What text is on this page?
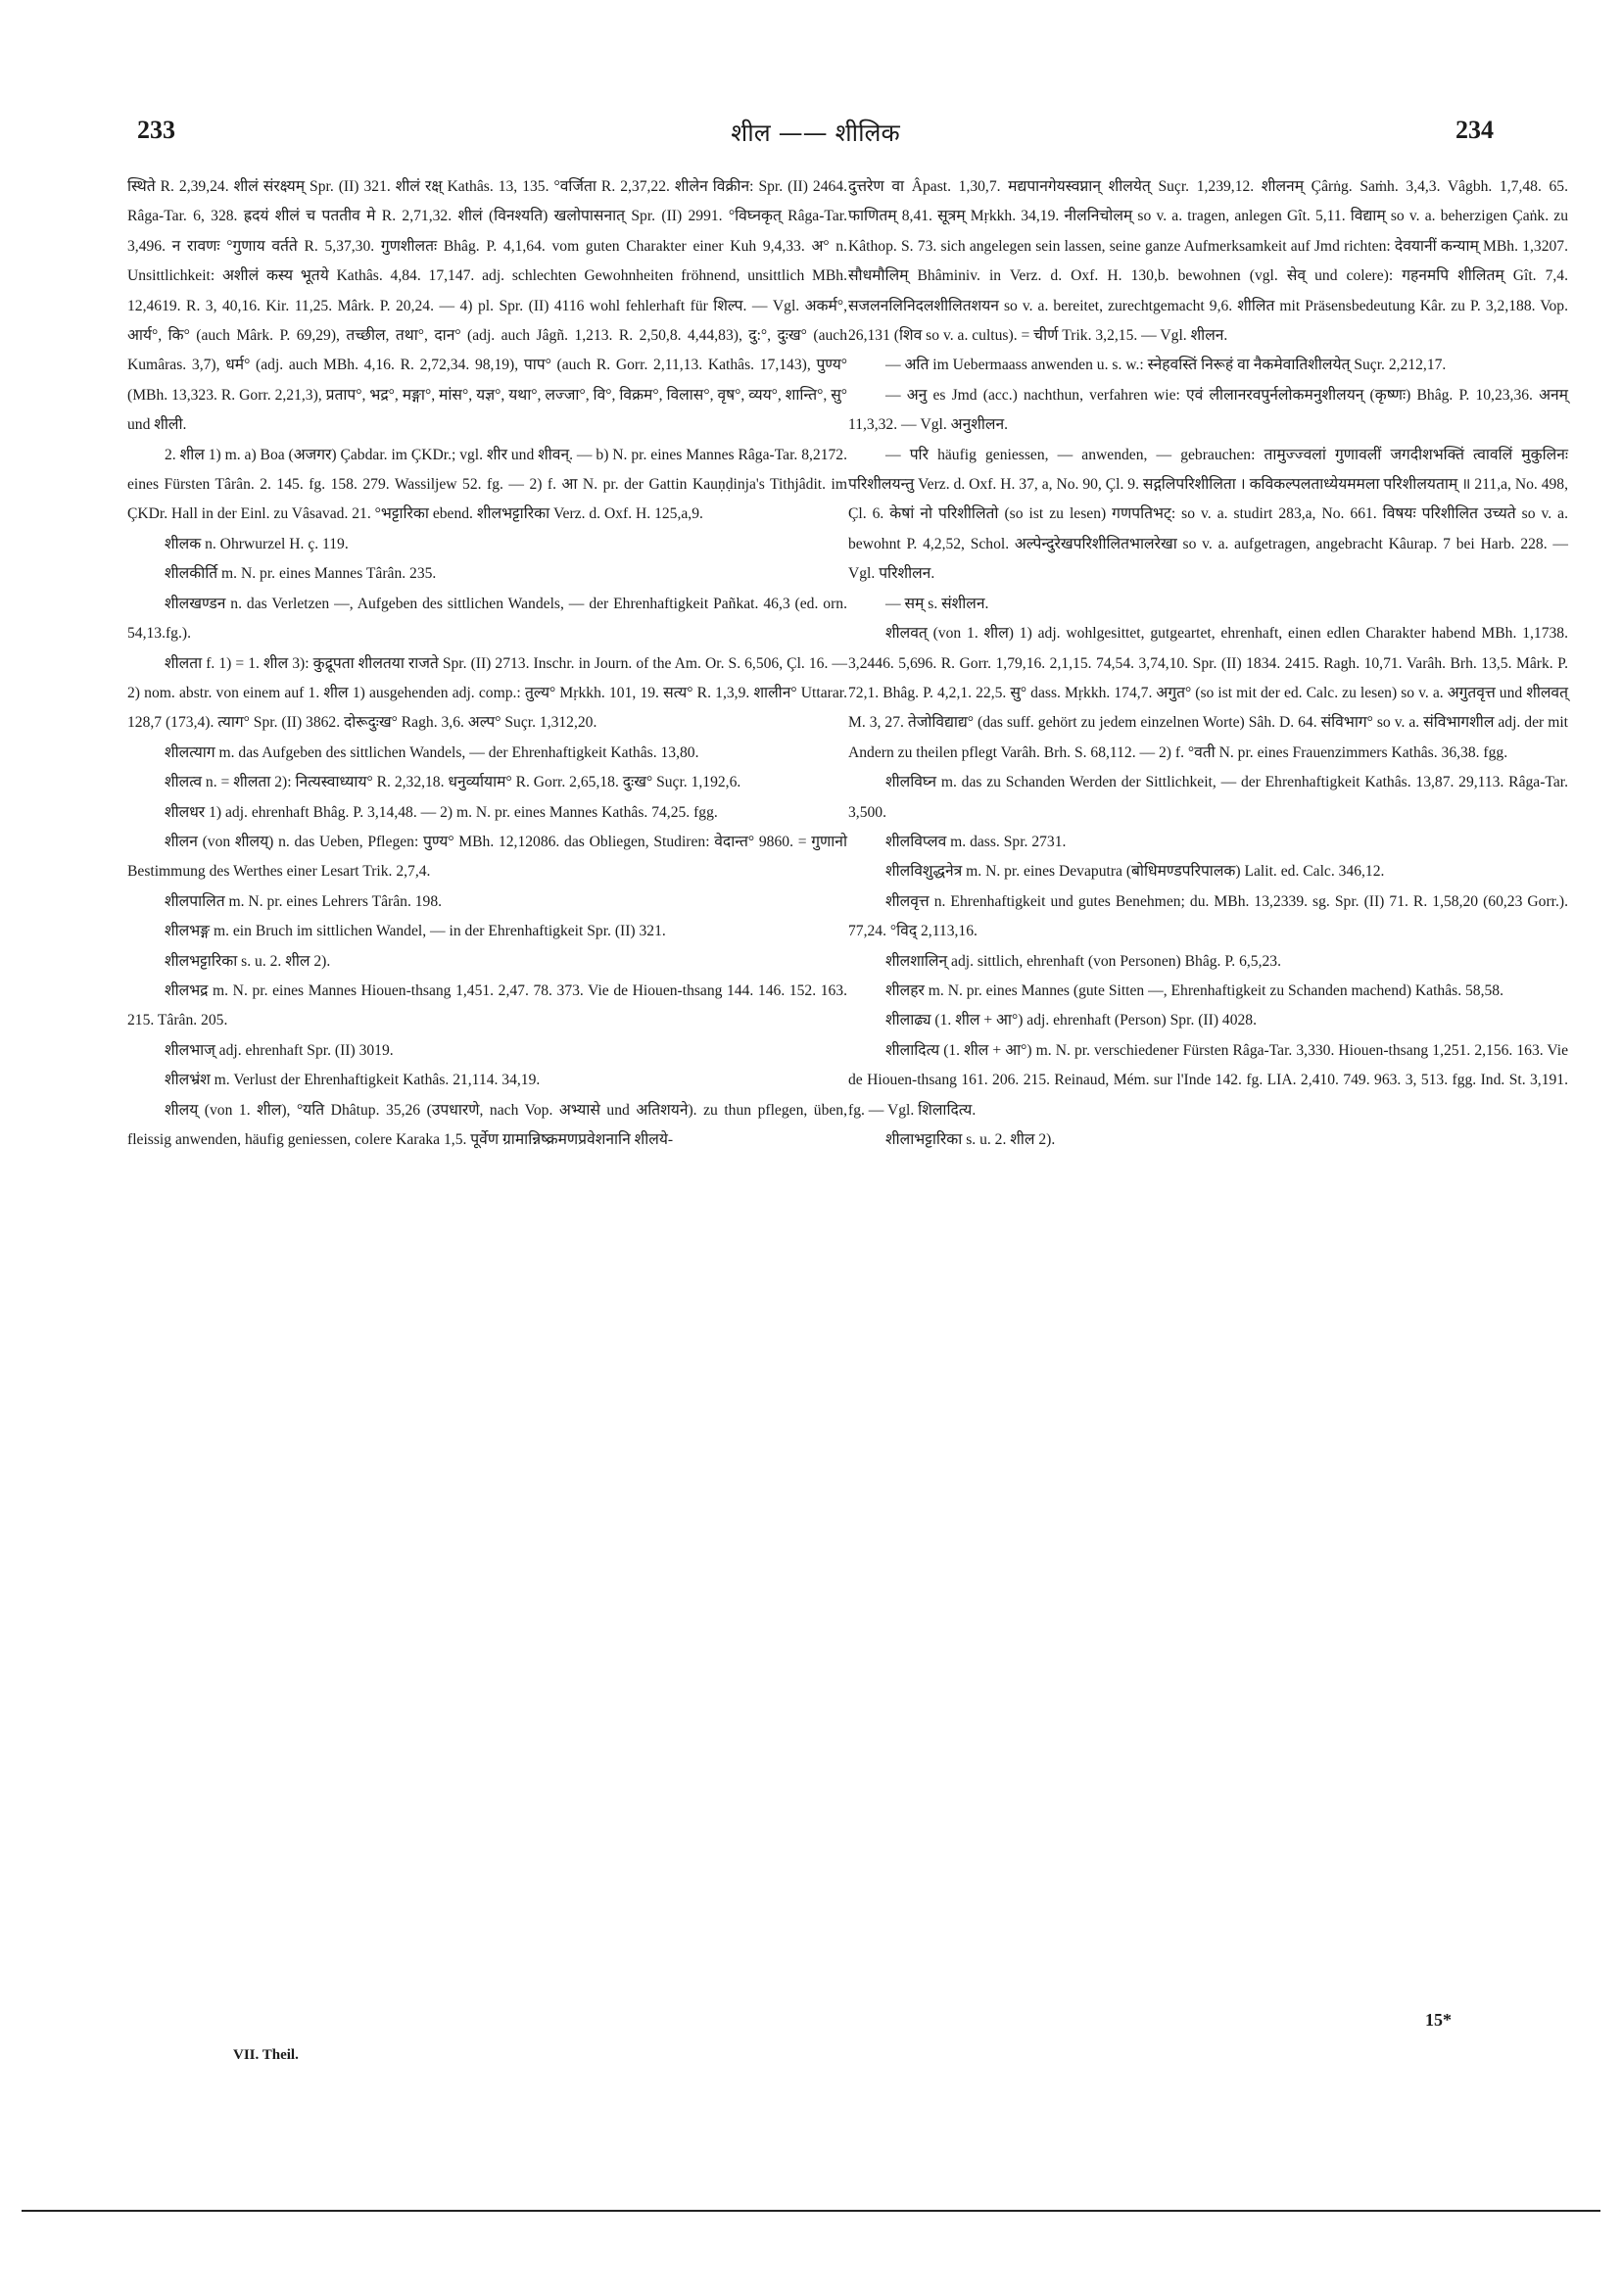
233	शील —— शीलिक	234

स्थिते R. 2,39,24. शीलं संरक्ष्यम् Spr. (II) 321. शीलं रक्ष् Kathâs. 13, 135. °वर्जिता R. 2,37,22. शीलेन विक्रीन: Spr. (II) 2464. Râga-Tar. 6, 328. ह्रदयं शीलं च पततीव मे R. 2,71,32. शीलं (विनश्यति) खलोपासनात् Spr. (II) 2991. °विघ्नकृत् Râga-Tar. 3,496. न रावणः °गुणाय वर्तते R. 5,37,30. गुणशीलतः Bhâg. P. 4,1,64. vom guten Charakter einer Kuh 9,4,33. अ° n. Unsittlichkeit: अशीलं कस्य भूतये Kathâs. 4,84. 17,147. adj. schlechten Gewohnheiten fröhnend, unsittlich MBh. 12,4619. R. 3, 40,16. Kir. 11,25. Mârk. P. 20,24. — 4) pl. Spr. (II) 4116 wohl fehlerhaft für शिल्प. — Vgl. अकर्म°, आर्य°, कि° (auch Mârk. P. 69,29), तच्छील, तथा°, दान° (adj. auch Jâgñ. 1,213. R. 2,50,8. 4,44,83), दु:°, दुःख° (auch Kumâras. 3,7), धर्म° (adj. auch MBh. 4,16. R. 2,72,34. 98,19), पाप° (auch R. Gorr. 2,11,13. Kathâs. 17,143), पुण्य° (MBh. 13,323. R. Gorr. 2,21,3), प्रताप°, भद्र°, मङ्गा°, मांस°, यज्ञ°, यथा°, लज्जा°, वि°, विक्रम°, विलास°, वृष°, व्यय°, शान्ति°, सु° und शीली.

2. शील 1) m. a) Boa (अजगर) Çabdar. im ÇKDr.; vgl. शीर und शीवन्. — b) N. pr. eines Mannes Râga-Tar. 8,2172. eines Fürsten Târân. 2. 145. fg. 158. 279. Wassiljew 52. fg. — 2) f. आ N. pr. der Gattin Kauṇḍinja's Tithjâdit. im ÇKDr. Hall in der Einl. zu Vâsavad. 21. °भट्टारिका ebend. शीलभट्टारिका Verz. d. Oxf. H. 125,a,9.

शीलक n. Ohrwurzel H. ç. 119.

शीलकीर्ति m. N. pr. eines Mannes Târân. 235.

शीलखण्डन n. das Verletzen —, Aufgeben des sittlichen Wandels, — der Ehrenhaftigkeit Pañkat. 46,3 (ed. orn. 54,13.fg.).

शीलता f. 1) = 1. शील 3): कुद्रूपता शीलतया राजते Spr. (II) 2713. Inschr. in Journ. of the Am. Or. S. 6,506, Çl. 16. — 2) nom. abstr. von einem auf 1. शील 1) ausgehenden adj. comp.: तुल्य° Mṛkkh. 101, 19. सत्य° R. 1,3,9. शालीन° Uttarar. 128,7 (173,4). त्याग° Spr. (II) 3862. दोरूदुःख° Ragh. 3,6. अल्प° Suçr. 1,312,20.

शीलत्याग m. das Aufgeben des sittlichen Wandels, — der Ehrenhaftigkeit Kathâs. 13,80.

शीलत्व n. = शीलता 2): नित्यस्वाध्याय° R. 2,32,18. धनुर्व्यायाम° R. Gorr. 2,65,18. दुःख° Suçr. 1,192,6.

शीलधर 1) adj. ehrenhaft Bhâg. P. 3,14,48. — 2) m. N. pr. eines Mannes Kathâs. 74,25. fgg.

शीलन (von शीलय्) n. das Ueben, Pflegen: पुण्य° MBh. 12,12086. das Obliegen, Studiren: वेदान्त° 9860. = गुणानो Bestimmung des Werthes einer Lesart Trik. 2,7,4.

शीलपालित m. N. pr. eines Lehrers Târân. 198.

शीलभङ्ग m. ein Bruch im sittlichen Wandel, — in der Ehrenhaftigkeit Spr. (II) 321.

शीलभट्टारिका s. u. 2. शील 2).

शीलभद्र m. N. pr. eines Mannes Hiouen-thsang 1,451. 2,47. 78. 373. Vie de Hiouen-thsang 144. 146. 152. 163. 215. Târân. 205.

शीलभाज् adj. ehrenhaft Spr. (II) 3019.

शीलभ्रंश m. Verlust der Ehrenhaftigkeit Kathâs. 21,114. 34,19.

शीलय् (von 1. शील), °यति Dhâtup. 35,26 (उपधारणे, nach Vop. अभ्यासे und अतिशयने). zu thun pflegen, üben, fleissig anwenden, häufig geniessen, colere Karaka 1,5. पूर्वेण ग्रामान्निष्क्रमणप्रवेशनानि शीलये-

दुत्तरेण वा Âpast. 1,30,7. मद्यपानगेयस्वप्नान् शीलयेत् Suçr. 1,239,12. शीलनम् Çârṅg. Saṁh. 3,4,3. Vâgbh. 1,7,48. 65. फाणितम् 8,41. सूत्रम् Mṛkkh. 34,19. नीलनिचोलम् so v. a. tragen, anlegen Gît. 5,11. विद्याम् so v. a. beherzigen Çaṅk. zu Kâthop. S. 73. sich angelegen sein lassen, seine ganze Aufmerksamkeit auf Jmd richten: देवयानीं कन्याम् MBh. 1,3207. सौधमौलिम् Bhâminiv. in Verz. d. Oxf. H. 130,b. bewohnen (vgl. सेव् und colere): गहनमपि शीलितम् Gît. 7,4. सजलनलिनिदलशीलितशयन so v. a. bereitet, zurechtgemacht 9,6. शीलित mit Präsensbedeutung Kâr. zu P. 3,2,188. Vop. 26,131 (शिव so v. a. cultus). = चीर्ण Trik. 3,2,15. — Vgl. शीलन.

— अति im Uebermaass anwenden u. s. w.: स्नेहवस्तिं निरूहं वा नैकमेवातिशीलयेत् Suçr. 2,212,17.

— अनु es Jmd (acc.) nachthun, verfahren wie: एवं लीलानरवपुर्नलोकमनुशीलयन् (कृष्णः) Bhâg. P. 10,23,36. अनम् 11,3,32. — Vgl. अनुशीलन.

— परि häufig geniessen, — anwenden, — gebrauchen: तामुज्ज्वलां गुणावलीं जगदीशभक्तिं त्वावलिं मुकुलिनः परिशीलयन्तु Verz. d. Oxf. H. 37, a, No. 90, Çl. 9. सद्गलिपरिशीलिता । कविकल्पलताध्येयममला परिशीलयताम् ॥ 211,a, No. 498, Çl. 6. केषां नो परिशीलितो (so ist zu lesen) गणपतिभट्: so v. a. studirt 283,a, No. 661. विषयः परिशीलित उच्यते so v. a. bewohnt P. 4,2,52, Schol. अल्पेन्दुरेखपरिशीलितभालरेखा so v. a. aufgetragen, angebracht Kâurap. 7 bei Harb. 228. — Vgl. परिशीलन.

— सम् s. संशीलन.

शीलवत् (von 1. शील) 1) adj. wohlgesittet, gutgeartet, ehrenhaft, einen edlen Charakter habend MBh. 1,1738. 3,2446. 5,696. R. Gorr. 1,79,16. 2,1,15. 74,54. 3,74,10. Spr. (II) 1834. 2415. Ragh. 10,71. Varâh. Brh. 13,5. Mârk. P. 72,1. Bhâg. P. 4,2,1. 22,5. सु° dass. Mṛkkh. 174,7. अगुत° (so ist mit der ed. Calc. zu lesen) so v. a. अगुतवृत्त und शीलवत् M. 3, 27. तेजोविद्याद्य° (das suff. gehört zu jedem einzelnen Worte) Sâh. D. 64. संविभाग° so v. a. संविभागशील adj. der mit Andern zu theilen pflegt Varâh. Brh. S. 68,112. — 2) f. °वती N. pr. eines Frauenzimmers Kathâs. 36,38. fgg.

शीलविघ्न m. das zu Schanden Werden der Sittlichkeit, — der Ehrenhaftigkeit Kathâs. 13,87. 29,113. Râga-Tar. 3,500.

शीलविप्लव m. dass. Spr. 2731.

शीलविशुद्धनेत्र m. N. pr. eines Devaputra (बोधिमण्डपरिपालक) Lalit. ed. Calc. 346,12.

शीलवृत्त n. Ehrenhaftigkeit und gutes Benehmen; du. MBh. 13,2339. sg. Spr. (II) 71. R. 1,58,20 (60,23 Gorr.). 77,24. °विद् 2,113,16.

शीलशालिन् adj. sittlich, ehrenhaft (von Personen) Bhâg. P. 6,5,23.

शीलहर m. N. pr. eines Mannes (gute Sitten —, Ehrenhaftigkeit zu Schanden machend) Kathâs. 58,58.

शीलाढ्य (1. शील + आ°) adj. ehrenhaft (Person) Spr. (II) 4028.

शीलादित्य (1. शील + आ°) m. N. pr. verschiedener Fürsten Râga-Tar. 3,330. Hiouen-thsang 1,251. 2,156. 163. Vie de Hiouen-thsang 161. 206. 215. Reinaud, Mém. sur l'Inde 142. fg. LIA. 2,410. 749. 963. 3, 513. fgg. Ind. St. 3,191. fg. — Vgl. शिलादित्य.

शीलाभट्टारिका s. u. 2. शील 2).

15*
VII. Theil.
